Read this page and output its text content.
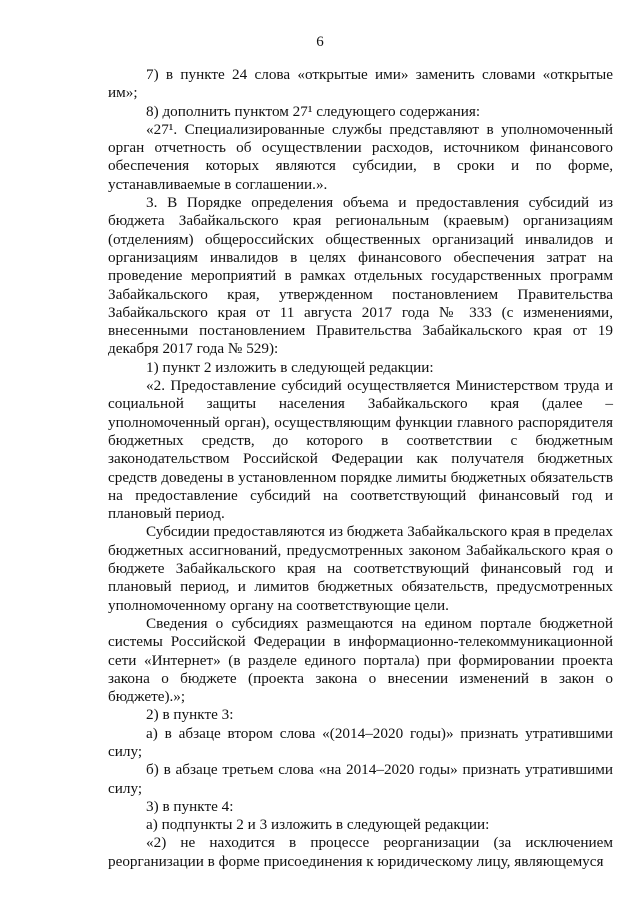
6

7) в пункте 24 слова «открытые ими» заменить словами «открытые им»;

8) дополнить пунктом 27¹ следующего содержания:

«27¹. Специализированные службы представляют в уполномоченный орган отчетность об осуществлении расходов, источником финансового обеспечения которых являются субсидии, в сроки и по форме, устанавливаемые в соглашении.».

3. В Порядке определения объема и предоставления субсидий из бюджета Забайкальского края региональным (краевым) организациям (отделениям) общероссийских общественных организаций инвалидов и организациям инвалидов в целях финансового обеспечения затрат на проведение мероприятий в рамках отдельных государственных программ Забайкальского края, утвержденном постановлением Правительства Забайкальского края от 11 августа 2017 года № 333 (с изменениями, внесенными постановлением Правительства Забайкальского края от 19 декабря 2017 года № 529):

1) пункт 2 изложить в следующей редакции:

«2. Предоставление субсидий осуществляется Министерством труда и социальной защиты населения Забайкальского края (далее – уполномоченный орган), осуществляющим функции главного распорядителя бюджетных средств, до которого в соответствии с бюджетным законодательством Российской Федерации как получателя бюджетных средств доведены в установленном порядке лимиты бюджетных обязательств на предоставление субсидий на соответствующий финансовый год и плановый период.

Субсидии предоставляются из бюджета Забайкальского края в пределах бюджетных ассигнований, предусмотренных законом Забайкальского края о бюджете Забайкальского края на соответствующий финансовый год и плановый период, и лимитов бюджетных обязательств, предусмотренных уполномоченному органу на соответствующие цели.

Сведения о субсидиях размещаются на едином портале бюджетной системы Российской Федерации в информационно-телекоммуникационной сети «Интернет» (в разделе единого портала) при формировании проекта закона о бюджете (проекта закона о внесении изменений в закон о бюджете).»;

2) в пункте 3:

а) в абзаце втором слова «(2014–2020 годы)» признать утратившими силу;

б) в абзаце третьем слова «на 2014–2020 годы» признать утратившими силу;

3) в пункте 4:

а) подпункты 2 и 3 изложить в следующей редакции:

«2) не находится в процессе реорганизации (за исключением реорганизации в форме присоединения к юридическому лицу, являющемуся
